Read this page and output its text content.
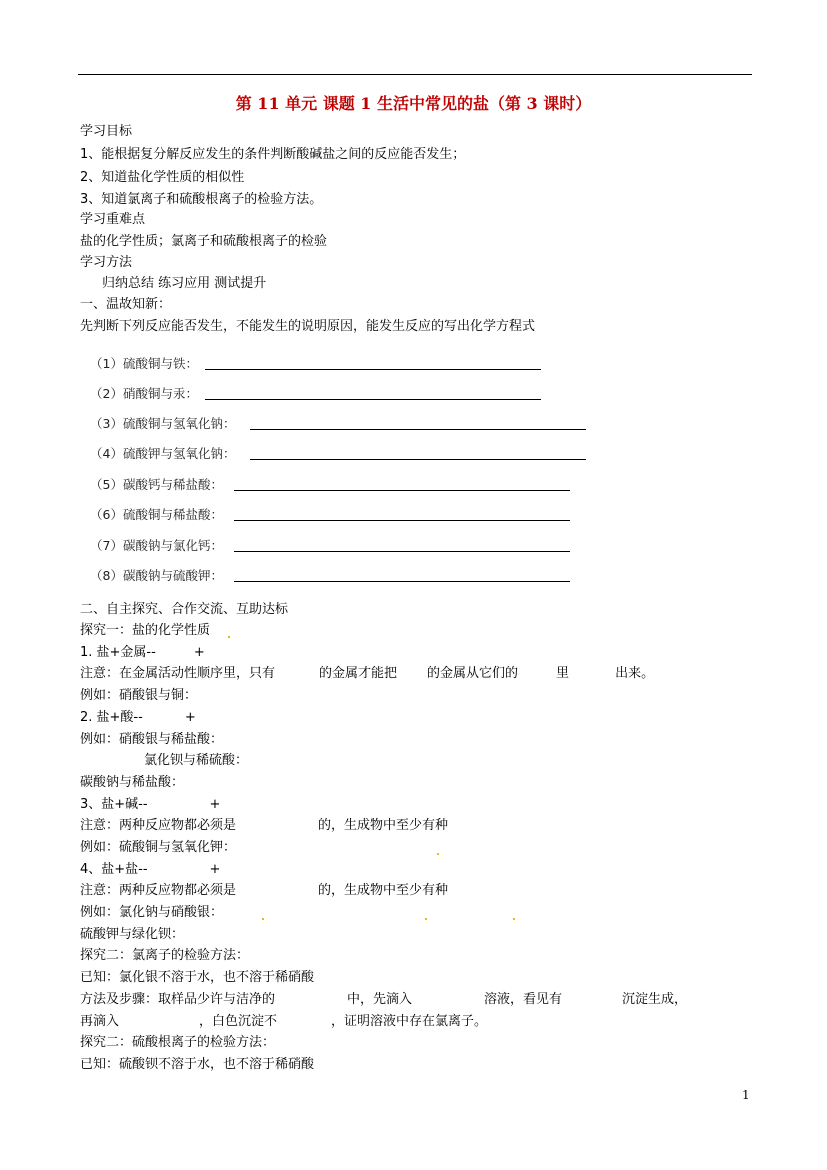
第 11 单元 课题 1 生活中常见的盐（第 3 课时）
学习目标
1、能根据复分解反应发生的条件判断酸碱盐之间的反应能否发生；
2、知道盐化学性质的相似性
3、知道氯离子和硫酸根离子的检验方法。
学习重难点
盐的化学性质；氯离子和硫酸根离子的检验
学习方法
归纳总结 练习应用 测试提升
一、温故知新：
先判断下列反应能否发生，不能发生的说明原因，能发生反应的写出化学方程式
（1）硫酸铜与铁：
（2）硝酸铜与汞：
（3）硫酸铜与氢氧化钠：
（4）硫酸钾与氢氧化钠：
（5）碳酸钙与稀盐酸：
（6）硫酸铜与稀盐酸：
（7）碳酸钠与氯化钙：
（8）碳酸钠与硫酸钾：
二、自主探究、合作交流、互助达标
探究一：盐的化学性质
1. 盐+金属--	+
注意：在金属活动性顺序里，只有	的金属才能把 的金属从它们的	里	出来。
例如：硝酸银与铜：
2. 盐+酸--	+
例如：硝酸银与稀盐酸：
氯化钡与稀硫酸：
碳酸钠与稀盐酸：
3、盐+碱--	+
注意：两种反应物都必须是	的，生成物中至少有种
例如：硫酸铜与氢氧化钾：
4、盐+盐--	+
注意：两种反应物都必须是	的，生成物中至少有种
例如：氯化钠与硝酸银：
硫酸钾与绿化钡：
探究二：氯离子的检验方法：
已知：氯化银不溶于水，也不溶于稀硝酸
方法及步骤：取样品少许与洁净的	中，先滴入	溶液，看见有	沉淀生成，
再滴入	，白色沉淀不	，证明溶液中存在氯离子。
探究二：硫酸根离子的检验方法：
已知：硫酸钡不溶于水，也不溶于稀硝酸
1
